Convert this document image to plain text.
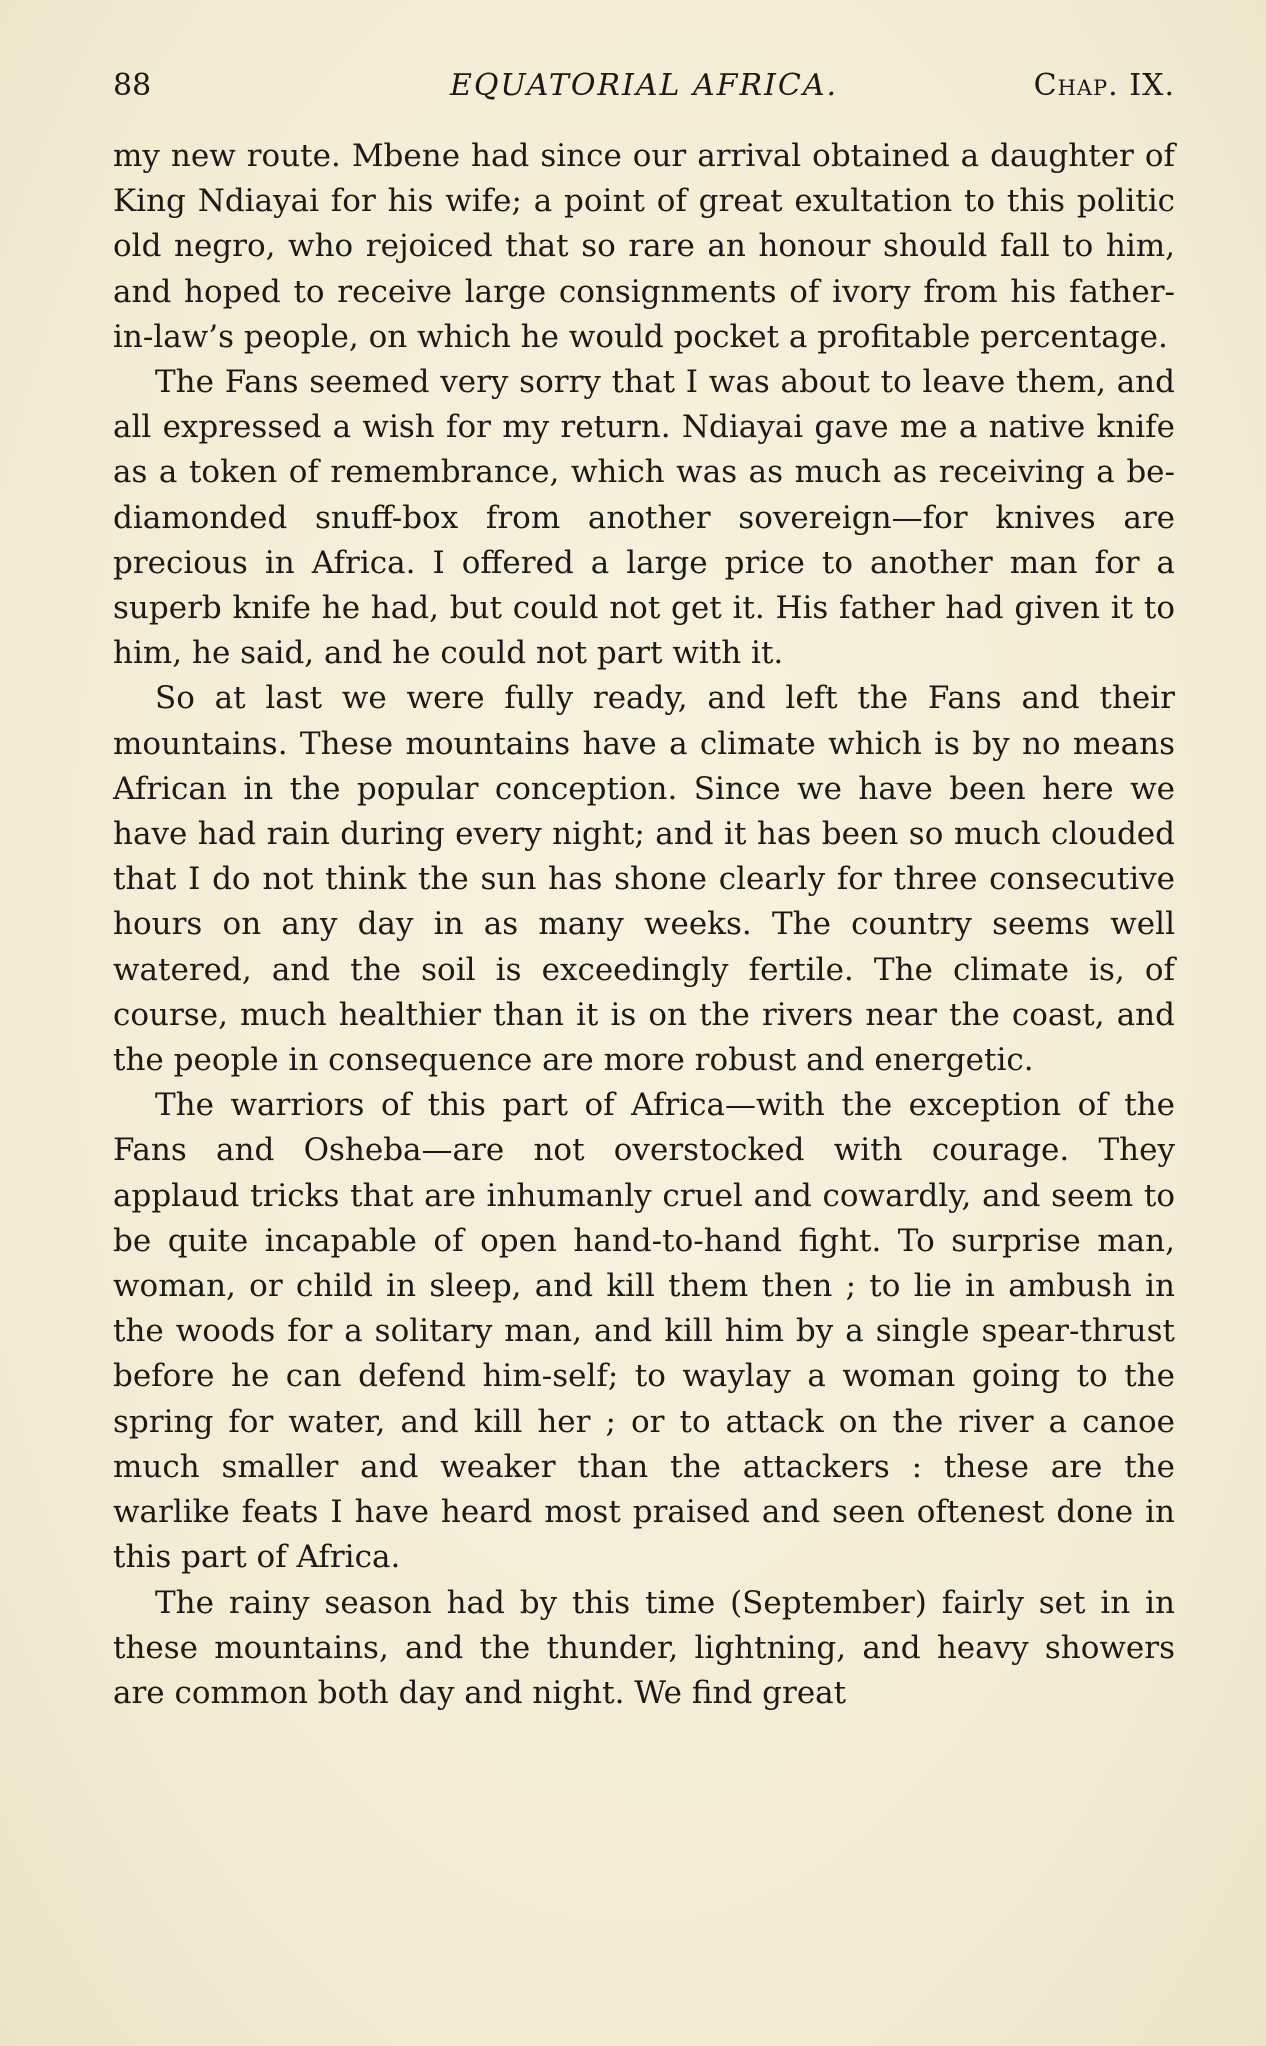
88	EQUATORIAL AFRICA.	Chap. IX.

my new route. Mbene had since our arrival obtained a daughter of King Ndiayai for his wife; a point of great exultation to this politic old negro, who rejoiced that so rare an honour should fall to him, and hoped to receive large consignments of ivory from his father-in-law’s people, on which he would pocket a profitable percentage.

The Fans seemed very sorry that I was about to leave them, and all expressed a wish for my return. Ndiayai gave me a native knife as a token of remembrance, which was as much as receiving a be-diamonded snuff-box from another sovereign—for knives are precious in Africa. I offered a large price to another man for a superb knife he had, but could not get it. His father had given it to him, he said, and he could not part with it.

So at last we were fully ready, and left the Fans and their mountains. These mountains have a climate which is by no means African in the popular conception. Since we have been here we have had rain during every night; and it has been so much clouded that I do not think the sun has shone clearly for three consecutive hours on any day in as many weeks. The country seems well watered, and the soil is exceedingly fertile. The climate is, of course, much healthier than it is on the rivers near the coast, and the people in consequence are more robust and energetic.

The warriors of this part of Africa—with the exception of the Fans and Osheba—are not overstocked with courage. They applaud tricks that are inhumanly cruel and cowardly, and seem to be quite incapable of open hand-to-hand fight. To surprise man, woman, or child in sleep, and kill them then ; to lie in ambush in the woods for a solitary man, and kill him by a single spear-thrust before he can defend him-self; to waylay a woman going to the spring for water, and kill her ; or to attack on the river a canoe much smaller and weaker than the attackers : these are the warlike feats I have heard most praised and seen oftenest done in this part of Africa.

The rainy season had by this time (September) fairly set in in these mountains, and the thunder, lightning, and heavy showers are common both day and night. We find great
